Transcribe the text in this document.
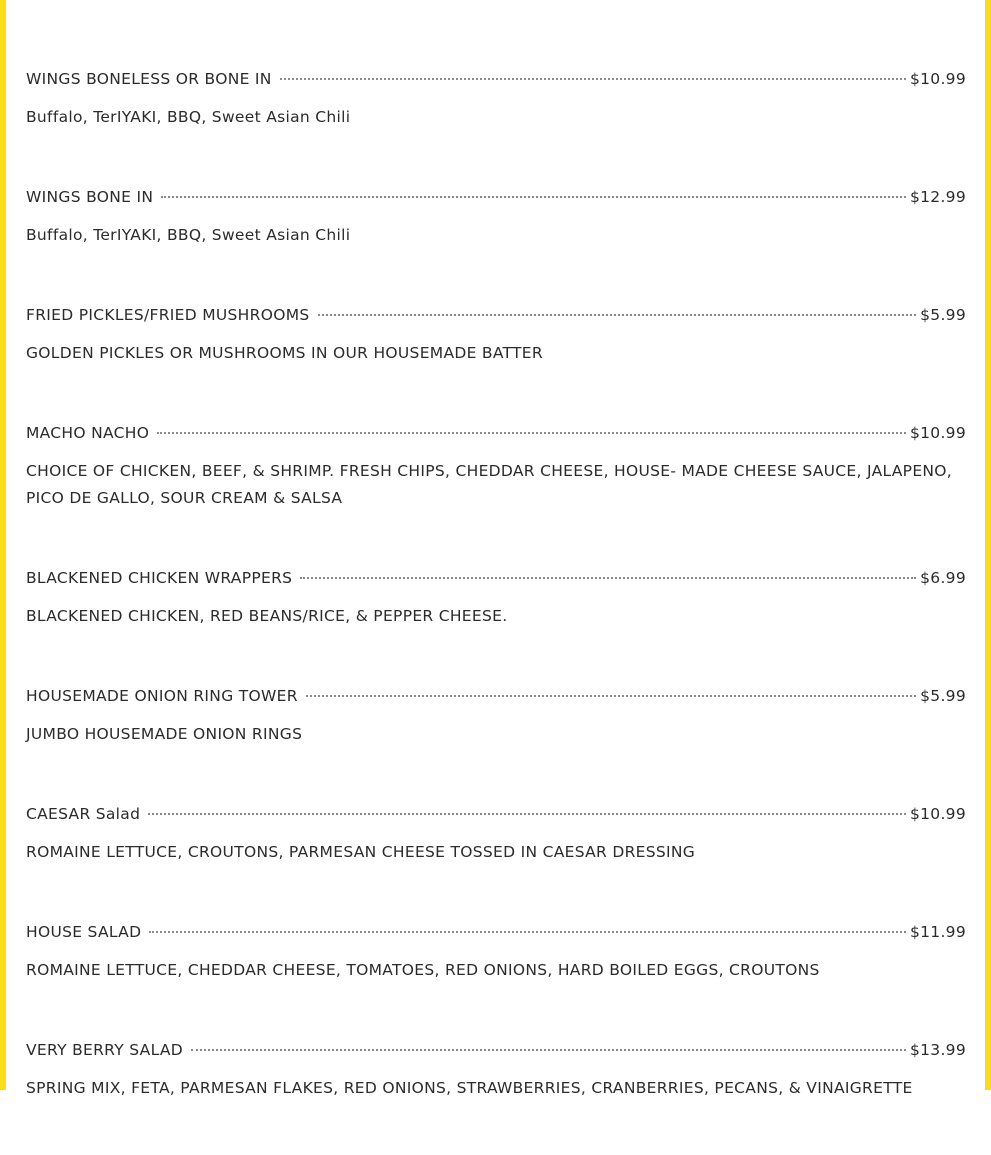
WINGS BONELESS OR BONE IN	$10.99
Buffalo, TerIYAKI, BBQ, Sweet Asian Chili
WINGS BONE IN	$12.99
Buffalo, TerIYAKI, BBQ, Sweet Asian Chili
FRIED PICKLES/FRIED MUSHROOMS	$5.99
GOLDEN PICKLES OR MUSHROOMS IN OUR HOUSEMADE BATTER
MACHO NACHO	$10.99
CHOICE OF CHICKEN, BEEF, & SHRIMP. FRESH CHIPS, CHEDDAR CHEESE, HOUSE- MADE CHEESE SAUCE, JALAPENO, PICO DE GALLO, SOUR CREAM & SALSA
BLACKENED CHICKEN WRAPPERS	$6.99
BLACKENED CHICKEN, RED BEANS/RICE, & PEPPER CHEESE.
HOUSEMADE ONION RING TOWER	$5.99
JUMBO HOUSEMADE ONION RINGS
CAESAR Salad	$10.99
ROMAINE LETTUCE, CROUTONS, PARMESAN CHEESE TOSSED IN CAESAR DRESSING
HOUSE SALAD	$11.99
ROMAINE LETTUCE, CHEDDAR CHEESE, TOMATOES, RED ONIONS, HARD BOILED EGGS, CROUTONS
VERY BERRY SALAD	$13.99
SPRING MIX, FETA, PARMESAN FLAKES, RED ONIONS, STRAWBERRIES, CRANBERRIES, PECANS, & VINAIGRETTE
